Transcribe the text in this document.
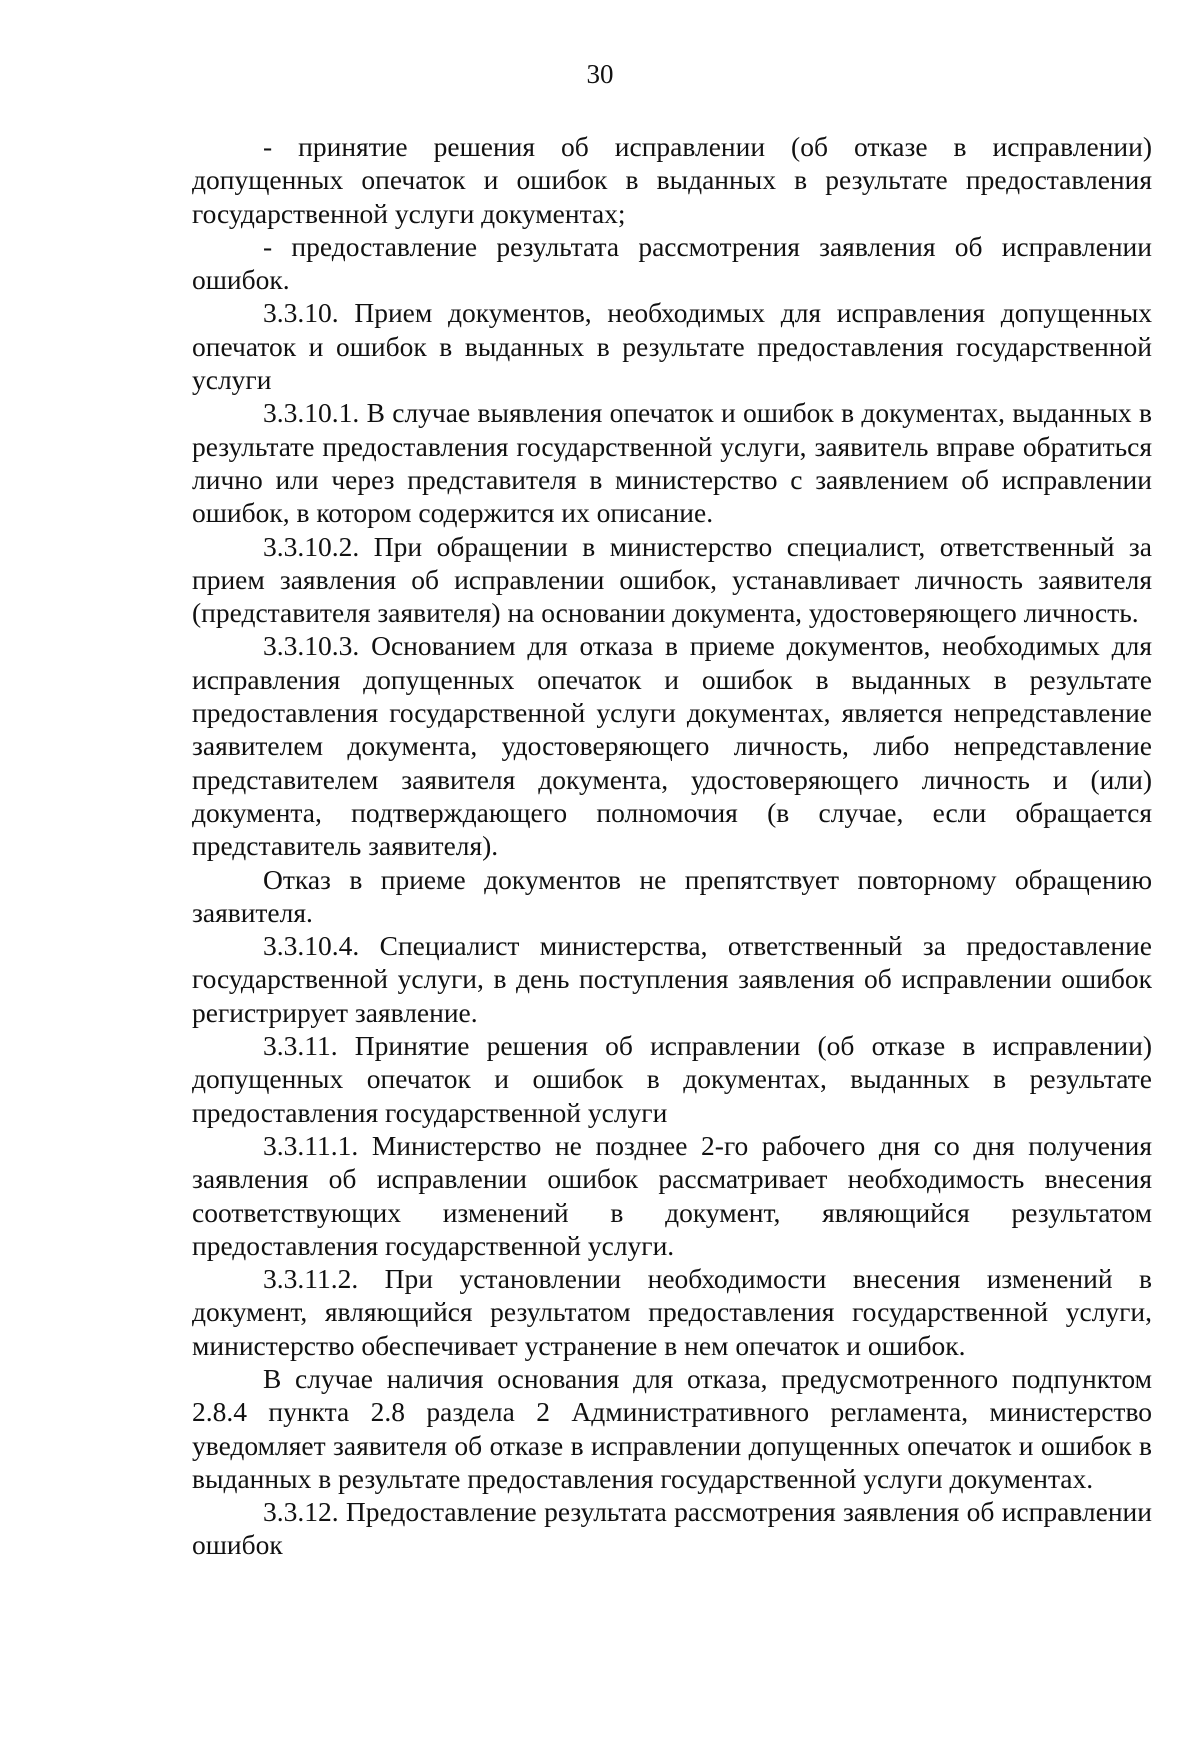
30

- принятие решения об исправлении (об отказе в исправлении) допущенных опечаток и ошибок в выданных в результате предоставления государственной услуги документах;

- предоставление результата рассмотрения заявления об исправлении ошибок.

3.3.10. Прием документов, необходимых для исправления допущенных опечаток и ошибок в выданных в результате предоставления государственной услуги

3.3.10.1. В случае выявления опечаток и ошибок в документах, выданных в результате предоставления государственной услуги, заявитель вправе обратиться лично или через представителя в министерство с заявлением об исправлении ошибок, в котором содержится их описание.

3.3.10.2. При обращении в министерство специалист, ответственный за прием заявления об исправлении ошибок, устанавливает личность заявителя (представителя заявителя) на основании документа, удостоверяющего личность.

3.3.10.3. Основанием для отказа в приеме документов, необходимых для исправления допущенных опечаток и ошибок в выданных в результате предоставления государственной услуги документах, является непредставление заявителем документа, удостоверяющего личность, либо непредставление представителем заявителя документа, удостоверяющего личность и (или) документа, подтверждающего полномочия (в случае, если обращается представитель заявителя).

Отказ в приеме документов не препятствует повторному обращению заявителя.

3.3.10.4. Специалист министерства, ответственный за предоставление государственной услуги, в день поступления заявления об исправлении ошибок регистрирует заявление.

3.3.11. Принятие решения об исправлении (об отказе в исправлении) допущенных опечаток и ошибок в документах, выданных в результате предоставления государственной услуги

3.3.11.1. Министерство не позднее 2-го рабочего дня со дня получения заявления об исправлении ошибок рассматривает необходимость внесения соответствующих изменений в документ, являющийся результатом предоставления государственной услуги.

3.3.11.2. При установлении необходимости внесения изменений в документ, являющийся результатом предоставления государственной услуги, министерство обеспечивает устранение в нем опечаток и ошибок.

В случае наличия основания для отказа, предусмотренного подпунктом 2.8.4 пункта 2.8 раздела 2 Административного регламента, министерство уведомляет заявителя об отказе в исправлении допущенных опечаток и ошибок в выданных в результате предоставления государственной услуги документах.

3.3.12. Предоставление результата рассмотрения заявления об исправлении ошибок
